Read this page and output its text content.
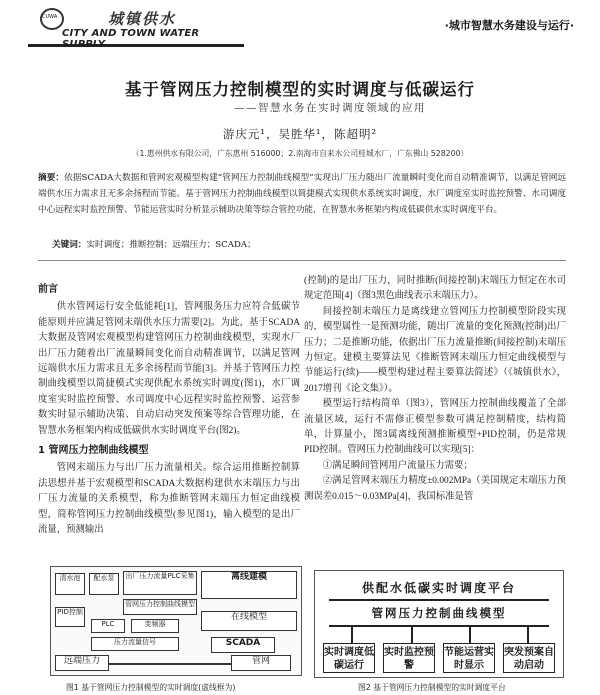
CUWA	城镇供水
CITY AND TOWN WATER
·城市智慧水务建设与运行·
基于管网压力控制模型的实时调度与低碳运行
——智慧水务在实时调度领域的应用
游庆元¹，吴胜华¹，陈超明²
（1.惠州供水有限公司，广东惠州 516000；2.南海市自来水公司桂城水厂，广东佛山 528200）
摘要：依据SCADA大数据和管网宏观模型构建“管网压力控制曲线模型”实现出厂压力随出厂流量瞬时变化而自动精准调节，以满足管网远端供水压力需求且无多余扬程而节能。基于管网压力控制曲线模型以简捷模式实现供水系统实时调度，水厂调度室实时监控预警、水司调度中心远程实时监控预警、节能运营实时分析显示辅助决策等综合管控功能，在智慧水务框架内构成低碳供水实时调度平台。
关键词：实时调度；推断控制；远端压力；SCADA；
前言

供水管网运行安全低能耗[1]，管网服务压力应符合低碳节能原则并应满足管网末端供水压力需要[2]。为此，基于SCADA大数据及管网宏观模型构建管网压力控制曲线模型，实现水厂出厂压力随着出厂流量瞬间变化而自动精准调节，以满足管网远端供水压力需求且无多余扬程而节能[3]。并基于管网压力控制曲线模型以简捷模式实现供配水系统实时调度(图1)，水厂调度室实时监控预警、水司调度中心远程实时监控预警、运营参数实时显示辅助决策、自动启动突发预案等综合管理功能，在智慧水务框架内构成低碳供水实时调度平台(图2)。

1 管网压力控制曲线模型

管网末端压力与出厂压力流量相关。综合运用推断控制算法思想并基于宏观模型和SCADA大数据构建供水末端压力与出厂压力流量的关系模型，称为推断管网末端压力恒定曲线模型，简称管网压力控制曲线模型(参见图1)，输入模型的是出厂流量，预测输出

(控制)的是出厂压力，同时推断(间接控制)末端压力恒定在水司规定范围[4]（图3黑色曲线表示末端压力）。

间接控制末端压力是离线建立管网压力控制模型阶段实现的，模型属性一是预测功能，随出厂流量的变化预测(控制)出厂压力；二是推断功能，依据出厂压力流量推断(间接控制)末端压力恒定。建模主要算法见《推断管网末端压力恒定曲线模型与节能运行(续)——模型构建过程主要算法简述》（《城镇供水》，2017增刊《论文集》）。

模型运行结构简单（图3），管网压力控制曲线覆盖了全部流量区域，运行不需修正模型参数可满足控制精度，结构简单，计算量小，图3属离线预测推断模型+PID控制，仍是常规PID控制。管网压力控制曲线可以实现[5]：

①满足瞬间管网用户流量压力需要；

②满足管网末端压力精度±0.002MPa（美国规定末端压力预测误差0.015～0.03MPa[4]，我国标准是管

清水池	配水泵	出厂压力流量PLC采集	离线建模
管网压力控制曲线模型
PID控制
PLC	变频器
在线模型
压力流量信号	SCADA
远端压力	管网
图1 基于管网压力控制模型的实时调度(虚线框为)
供配水低碳实时调度平台
管网压力控制曲线模型
实时调度低碳运行
实时监控预警
节能运营实时显示
突发预案自动启动
图2 基于管网压力控制模型的实时调度平台
